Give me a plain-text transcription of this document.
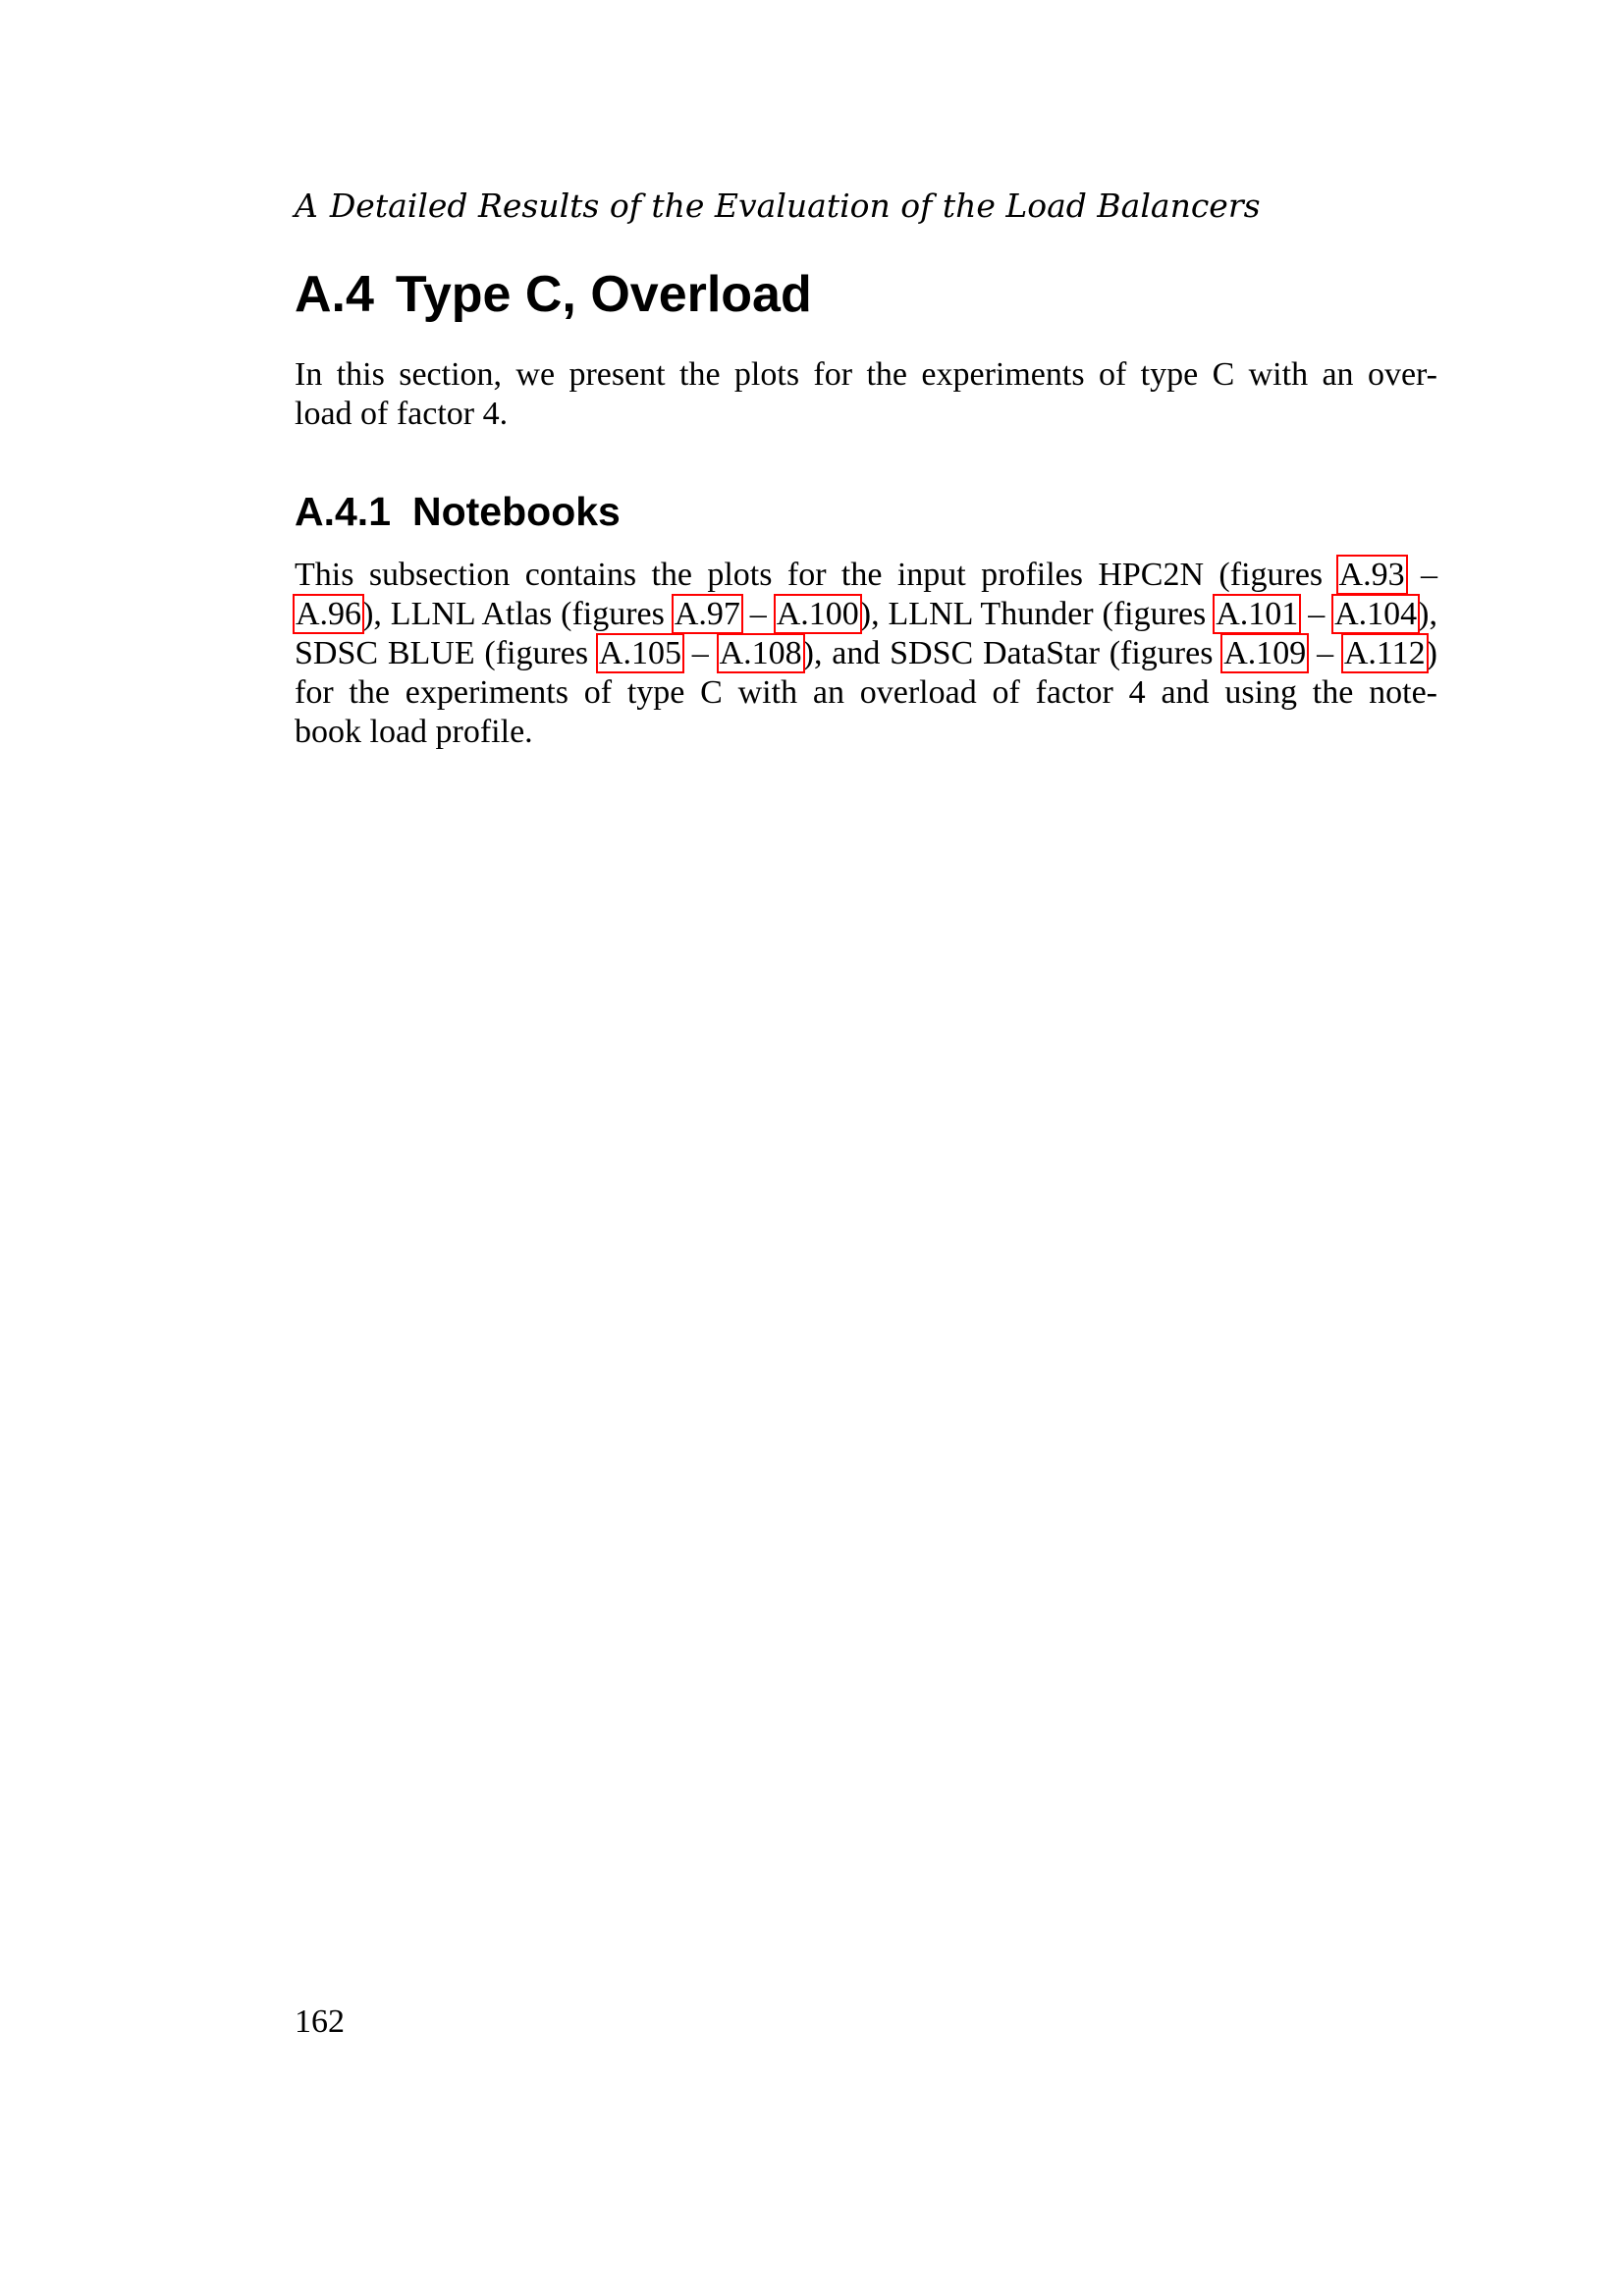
A Detailed Results of the Evaluation of the Load Balancers
A.4 Type C, Overload
In this section, we present the plots for the experiments of type C with an over-
load of factor 4.
A.4.1 Notebooks
This subsection contains the plots for the input profiles HPC2N (figures A.93 –
A.96), LLNL Atlas (figures A.97 – A.100), LLNL Thunder (figures A.101 – A.104),
SDSC BLUE (figures A.105 – A.108), and SDSC DataStar (figures A.109 – A.112)
for the experiments of type C with an overload of factor 4 and using the note-
book load profile.
162
